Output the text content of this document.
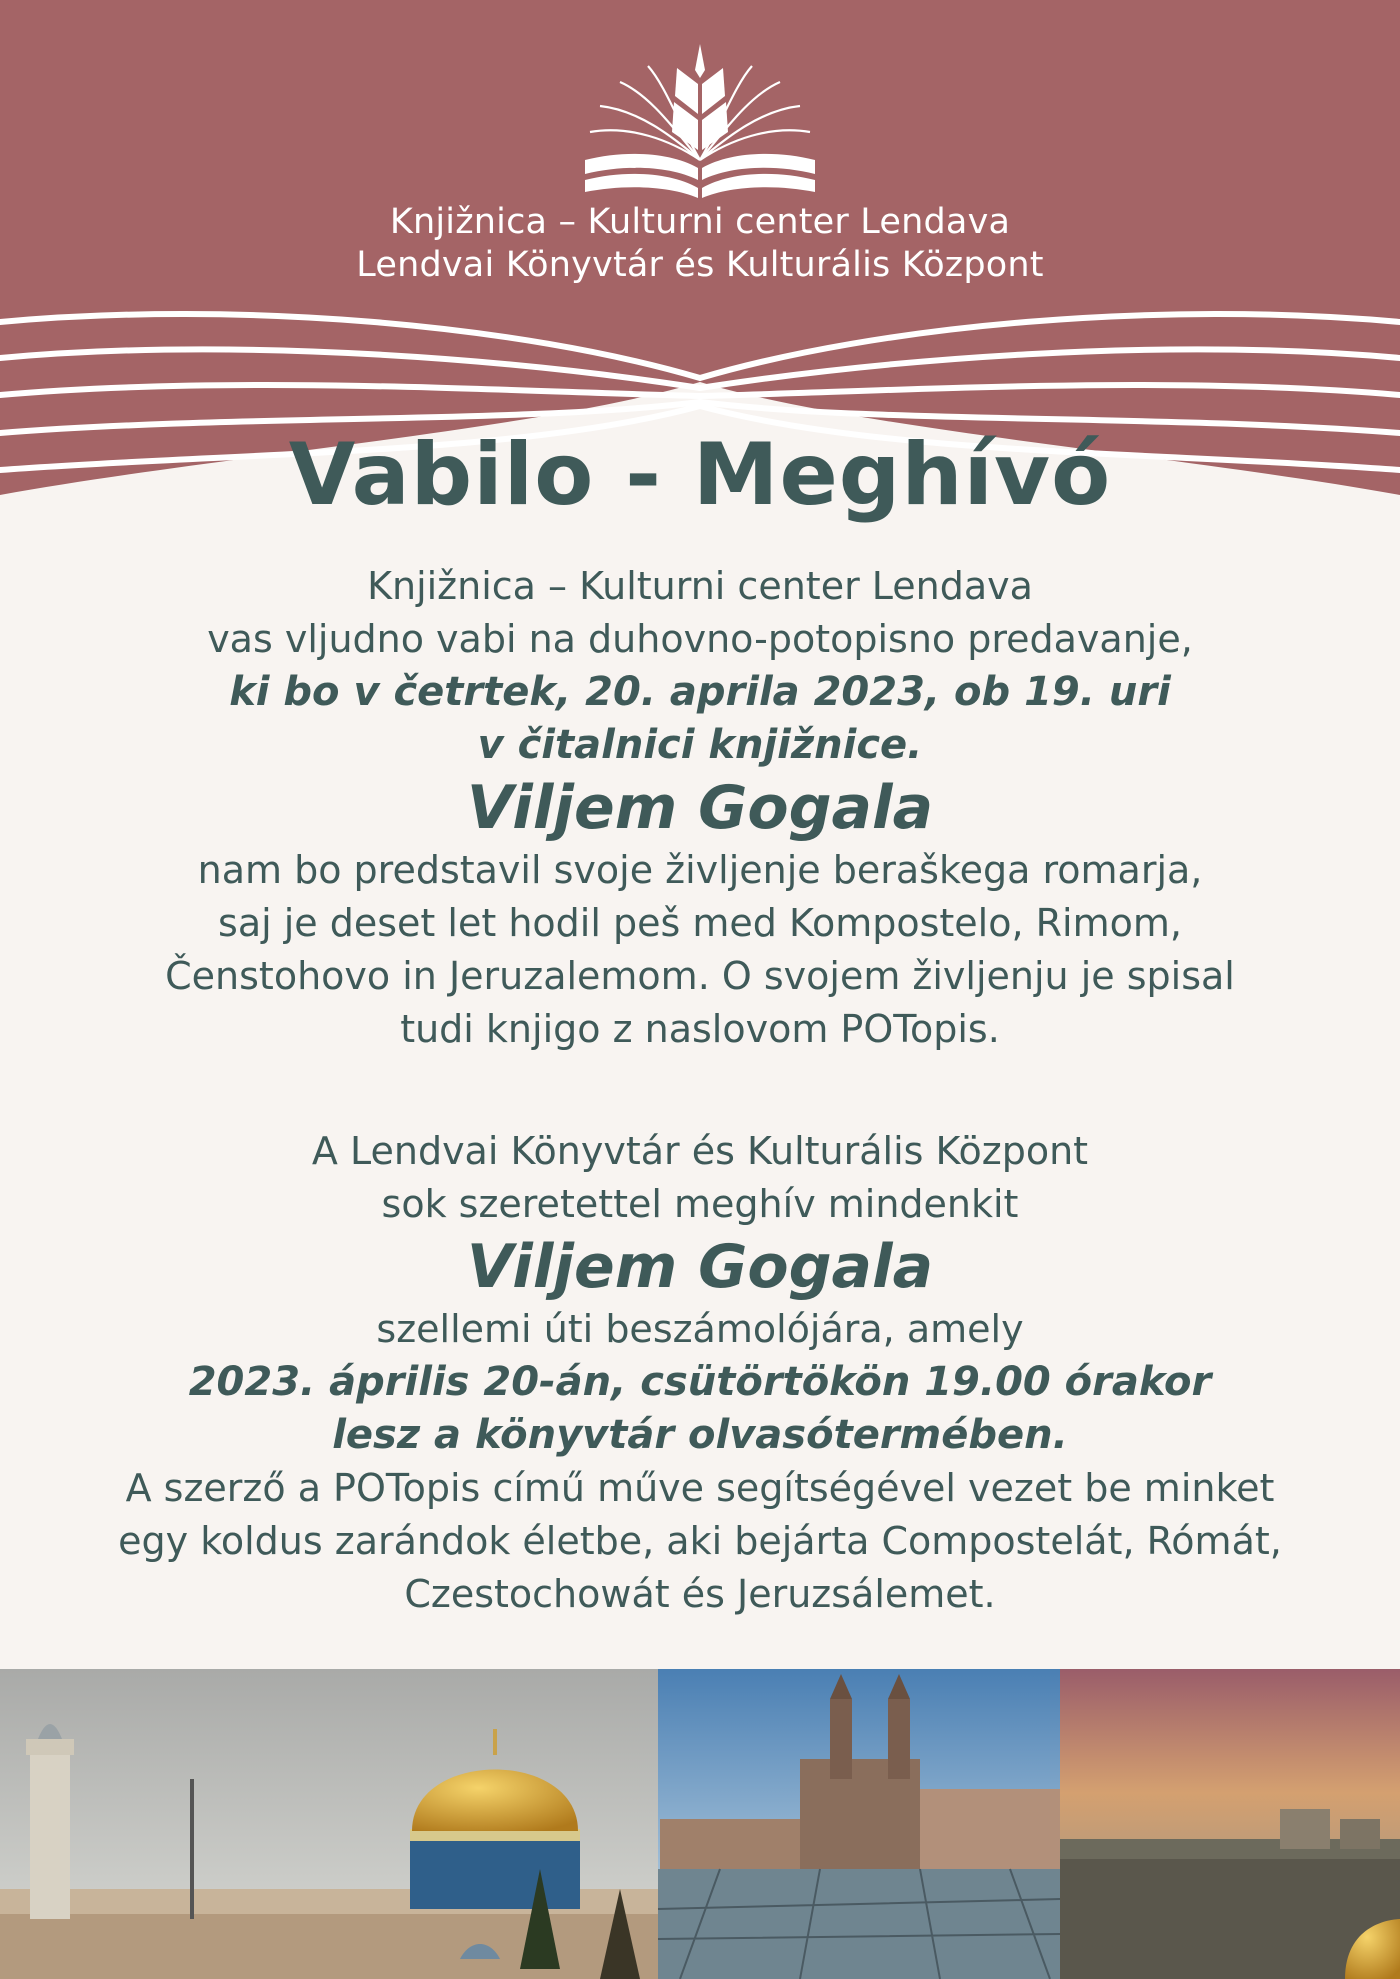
Knjižnica – Kulturni center Lendava
Lendvai Könyvtár és Kulturális Központ
Vabilo - Meghívó
Knjižnica – Kulturni center Lendava
vas vljudno vabi na duhovno-potopisno predavanje,
ki bo v četrtek, 20. aprila 2023, ob 19. uri
v čitalnici knjižnice.
Viljem Gogala
nam bo predstavil svoje življenje beraškega romarja,
saj je deset let hodil peš med Kompostelo, Rimom,
Čenstohovo in Jeruzalemom. O svojem življenju je spisal
tudi knjigo z naslovom POTopis.
A Lendvai Könyvtár és Kulturális Központ
sok szeretettel meghív mindenkit
Viljem Gogala
szellemi úti beszámolójára, amely
2023. április 20-án, csütörtökön 19.00 órakor
lesz a könyvtár olvasótermében.
A szerző a POTopis című műve segítségével vezet be minket
egy koldus zarándok életbe, aki bejárta Compostelát, Rómát,
Czestochowát és Jeruzsálemet.
